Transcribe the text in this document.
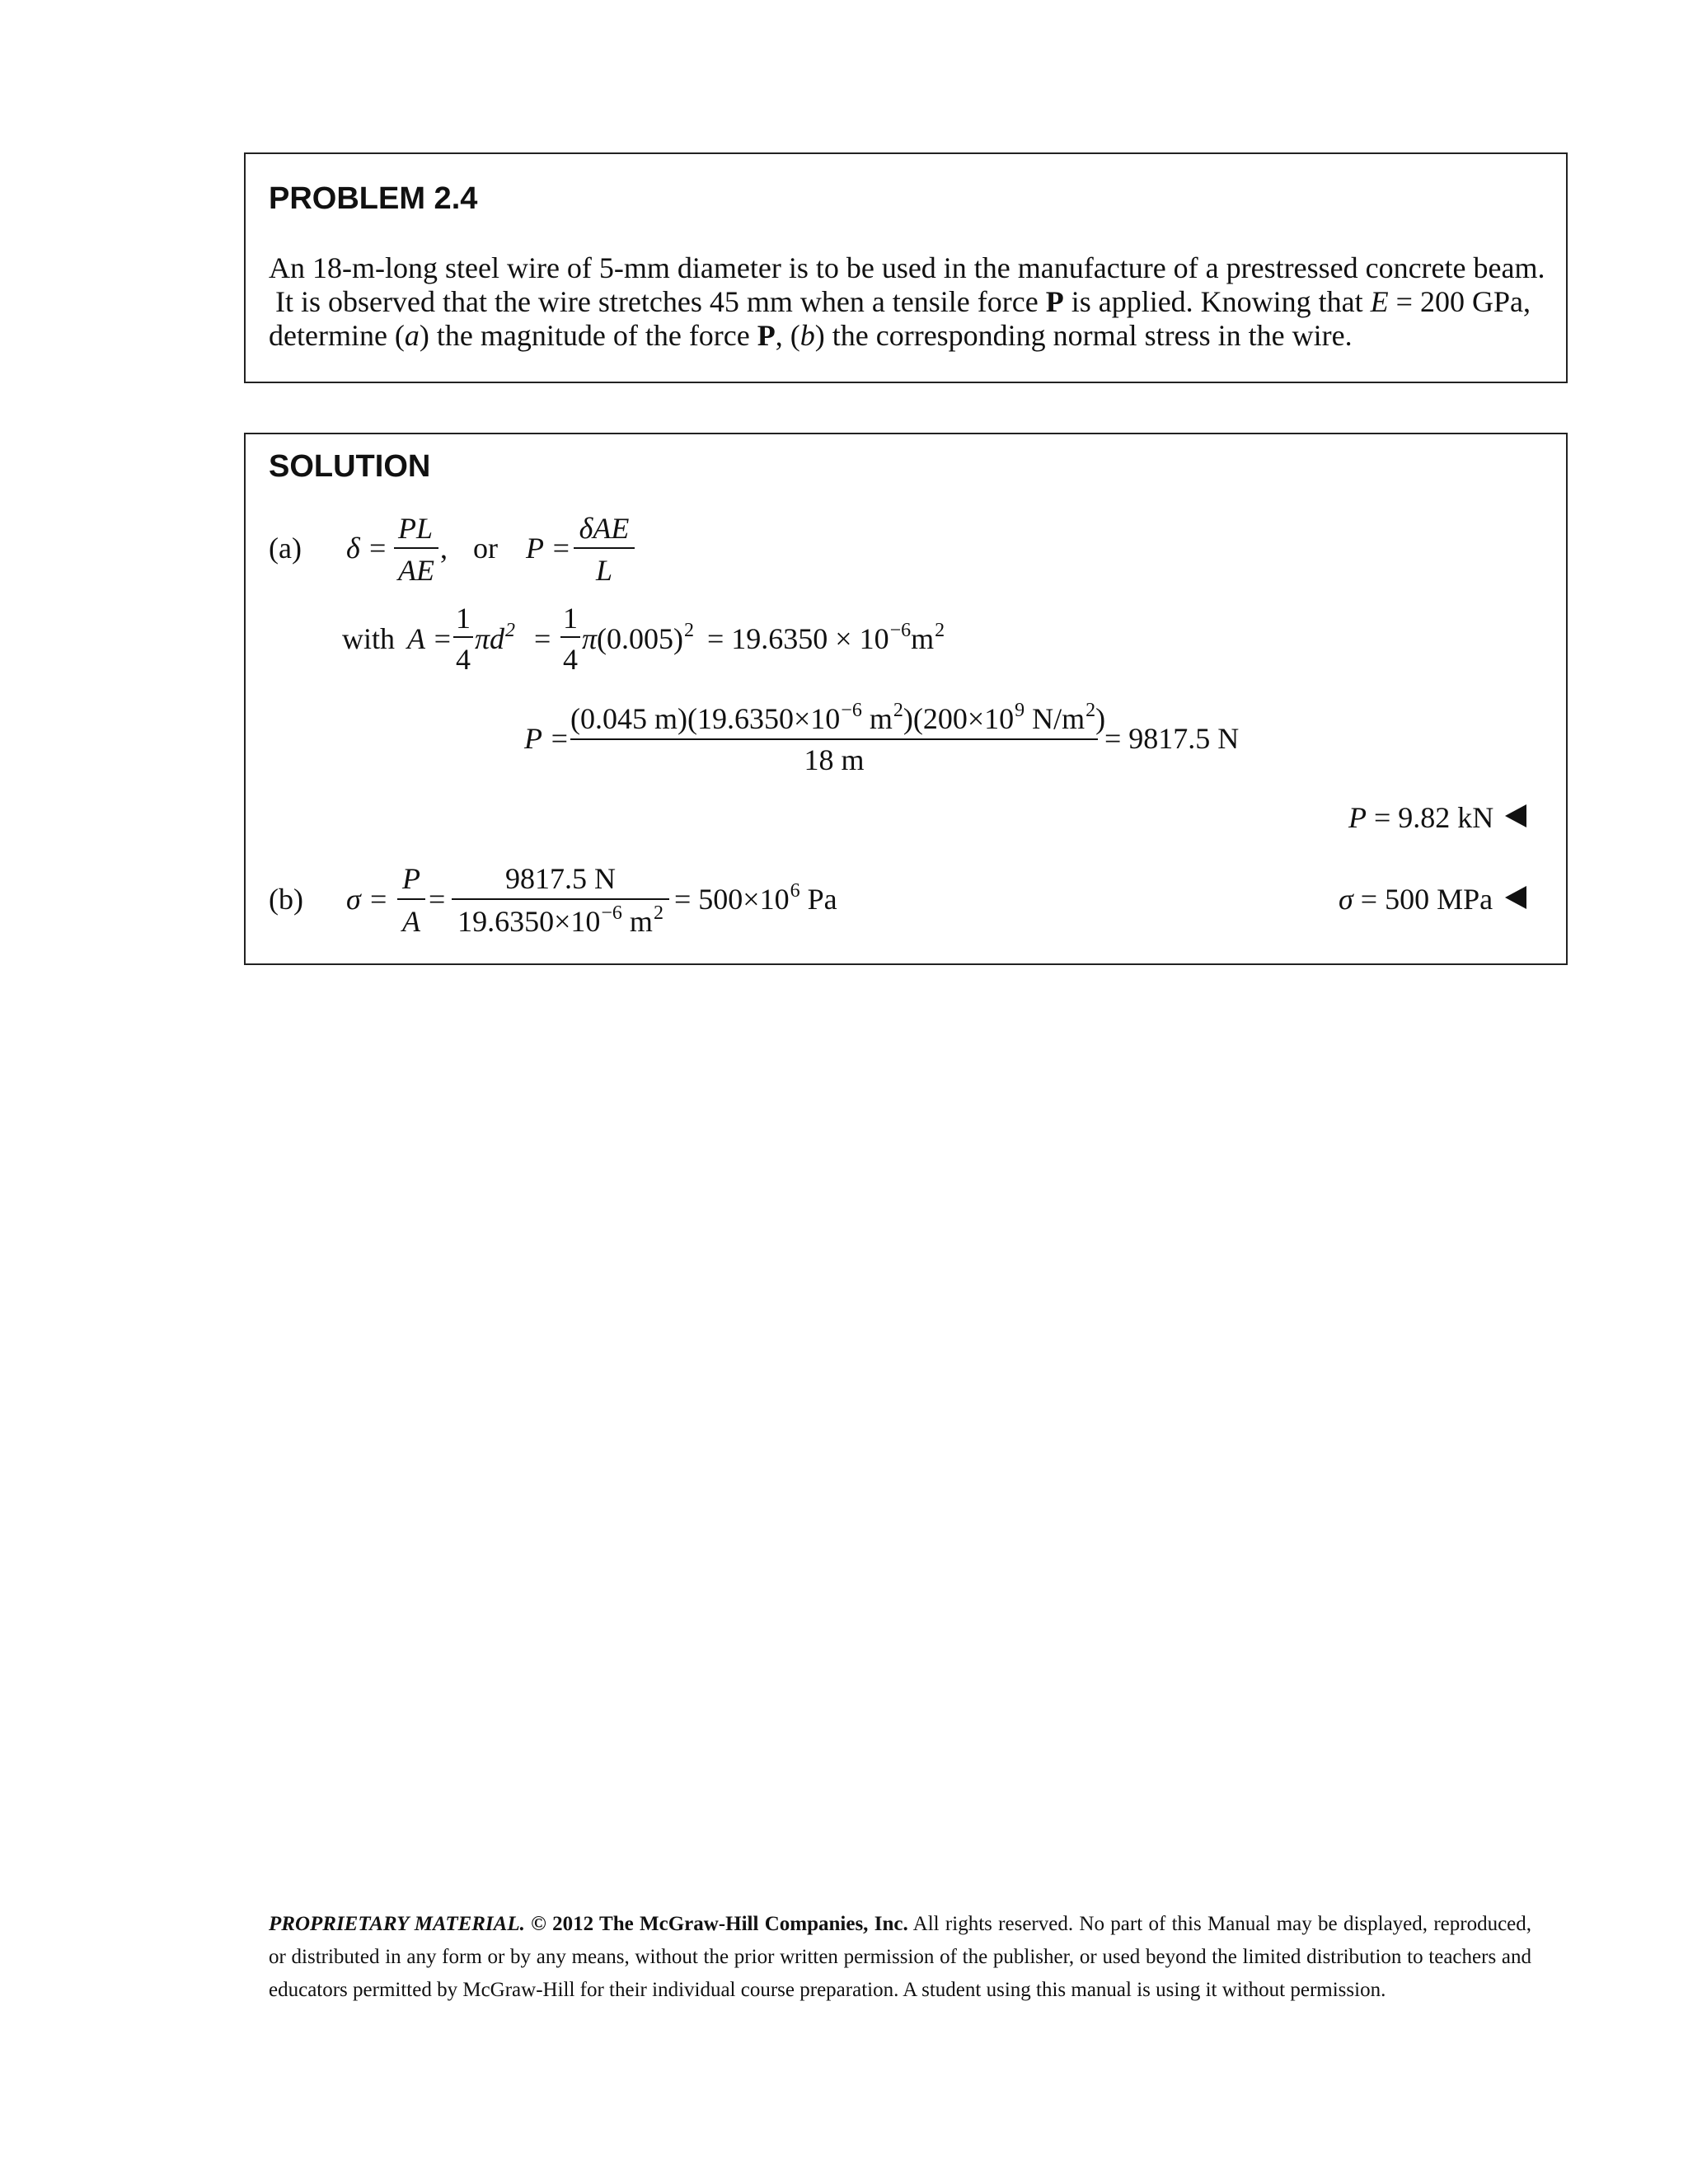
PROBLEM 2.4
An 18-m-long steel wire of 5-mm diameter is to be used in the manufacture of a prestressed concrete beam.
It is observed that the wire stretches 45 mm when a tensile force P is applied. Knowing that E = 200 GPa,
determine (a) the magnitude of the force P, (b) the corresponding normal stress in the wire.
SOLUTION
(a) δ =
PL
AE
, or P =
δAE
L
with A =
1
4
$\pi d^2$ =
1
4
$\pi(0.005)^2 = 19.6350 \times 10^{-6}m^2$
P =
(0.045 $m)(19.6350\times 10^{-6}$ $m^2)(200\times 10^9$ $N/m^2$)
18 m
= 9817.5 N
P = 9.82 kN
(b) σ =
P
A
=
9817.5 N
$19.6350\times 10^{-6}$ $m^2 = 500\times 10^6$ Pa	σ = 500 MPa
PROPRIETARY MATERIAL. © 2012 The McGraw-Hill Companies, Inc. All rights reserved. No part of this Manual may be displayed, reproduced, or distributed in any form or by any means, without the prior written permission of the publisher, or used beyond the limited distribution to teachers and educators permitted by McGraw-Hill for their individual course preparation. A student using this manual is using it without permission.
